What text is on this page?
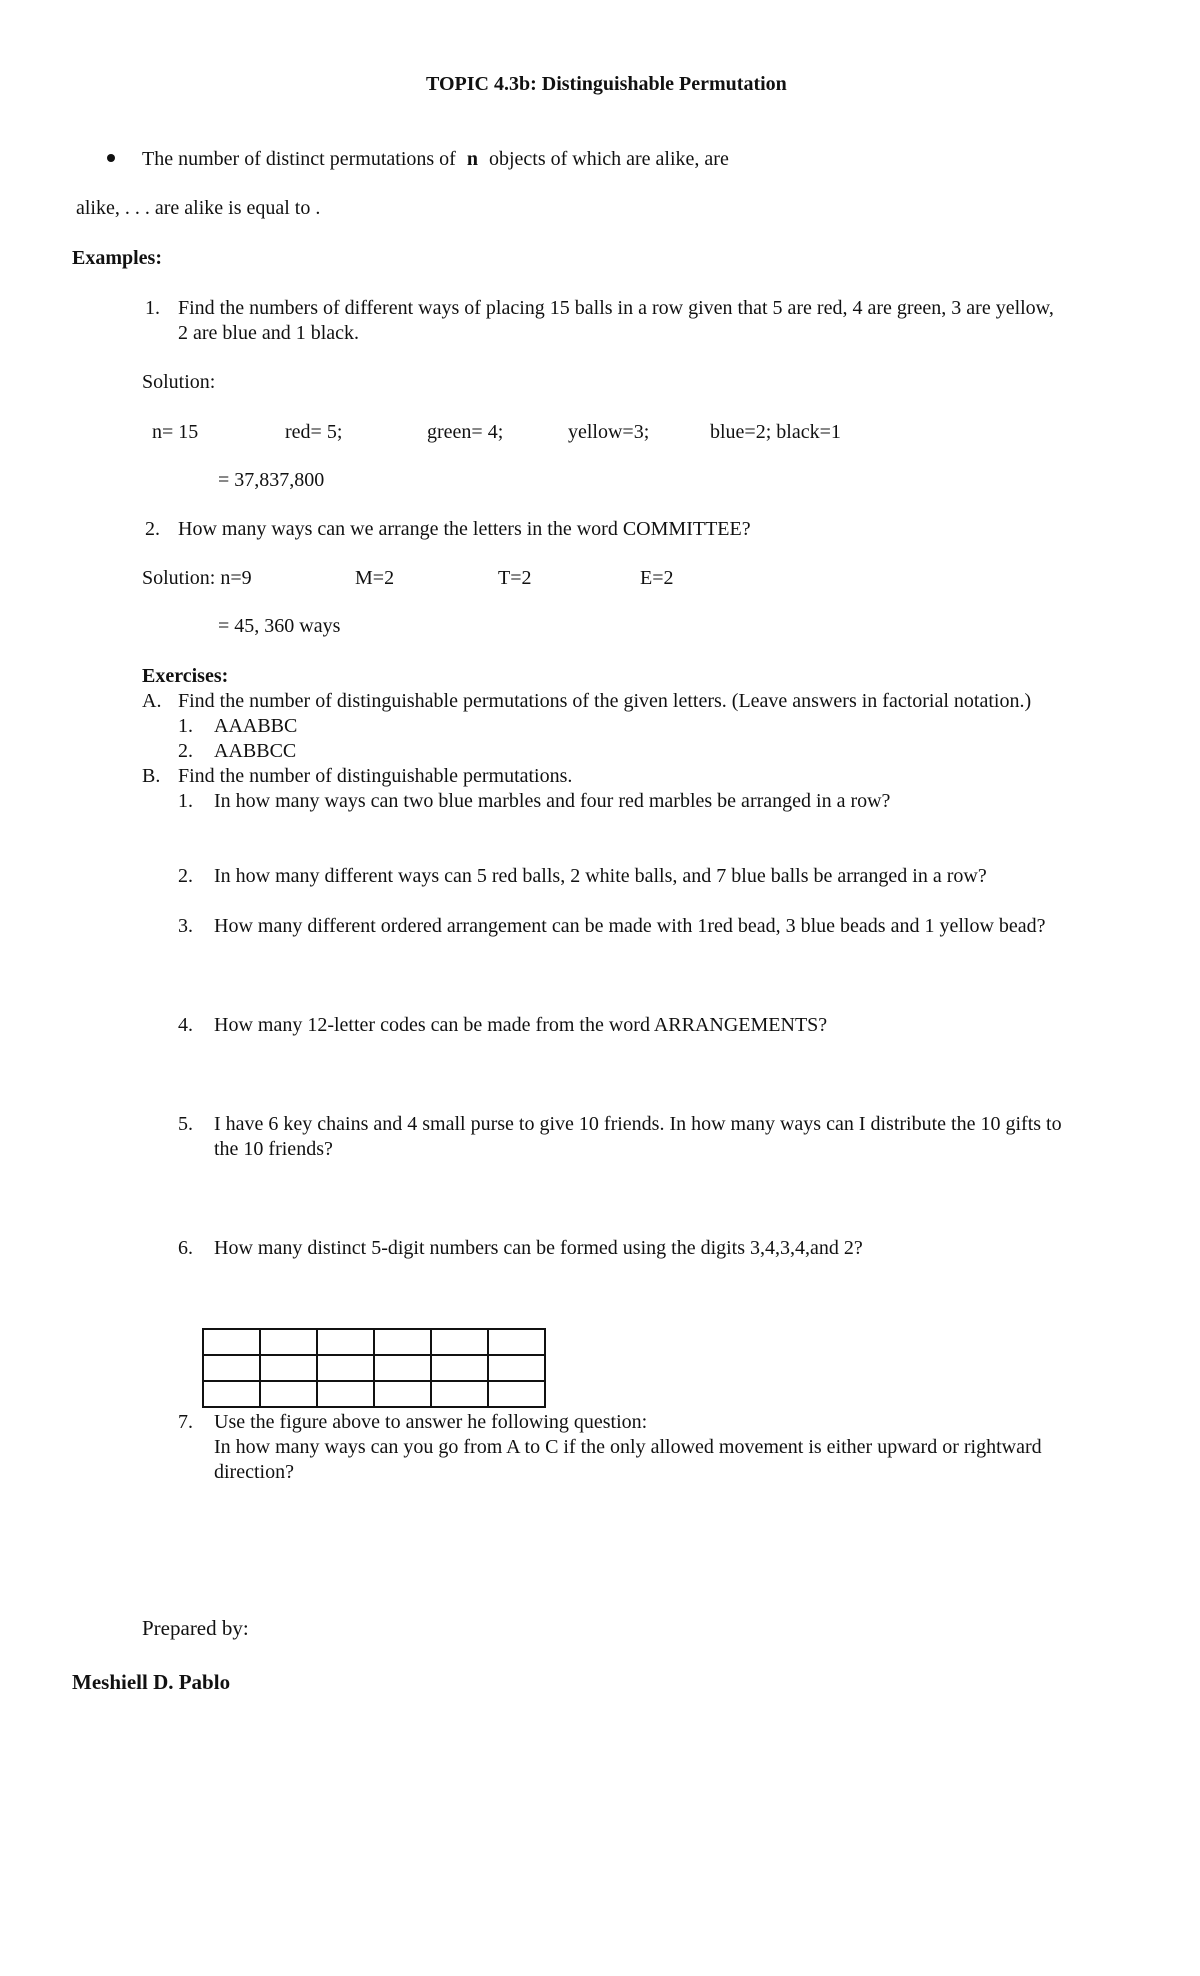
TOPIC 4.3b: Distinguishable Permutation
The number of distinct permutations of n objects of which are alike, are
alike, . . . are alike is equal to .
Examples:
1. Find the numbers of different ways of placing 15 balls in a row given that 5 are red, 4 are green, 3 are yellow,
2 are blue and 1 black.
Solution:
n= 15	red= 5;	green= 4;	yellow=3;	blue=2; black=1
= 37,837,800
2. How many ways can we arrange the letters in the word COMMITTEE?
Solution: n=9	M=2	T=2	E=2
= 45, 360 ways
Exercises:
A. Find the number of distinguishable permutations of the given letters. (Leave answers in factorial notation.)
1. AAABBC
2. AABBCC
B. Find the number of distinguishable permutations.
1. In how many ways can two blue marbles and four red marbles be arranged in a row?
2. In how many different ways can 5 red balls, 2 white balls, and 7 blue balls be arranged in a row?
3. How many different ordered arrangement can be made with 1red bead, 3 blue beads and 1 yellow bead?
4. How many 12-letter codes can be made from the word ARRANGEMENTS?
5. I have 6 key chains and 4 small purse to give 10 friends. In how many ways can I distribute the 10 gifts to
the 10 friends?
6. How many distinct 5-digit numbers can be formed using the digits 3,4,3,4,and 2?

7. Use the figure above to answer he following question:
In how many ways can you go from A to C if the only allowed movement is either upward or rightward
direction?
Prepared by:
Meshiell D. Pablo
